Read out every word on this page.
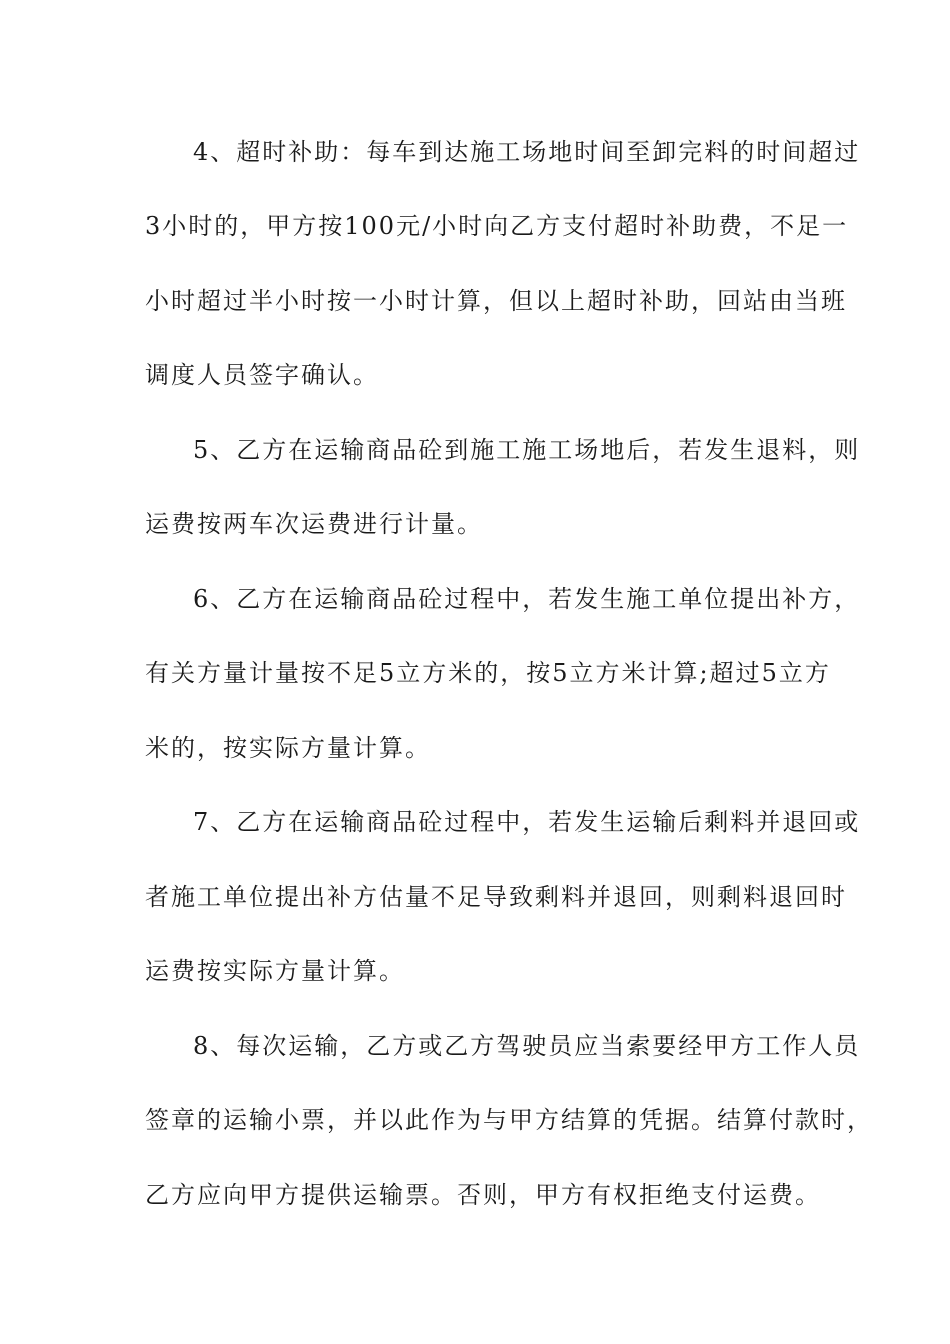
4、超时补助：每车到达施工场地时间至卸完料的时间超过
3小时的，甲方按100元/小时向乙方支付超时补助费，不足一
小时超过半小时按一小时计算，但以上超时补助，回站由当班
调度人员签字确认。
5、乙方在运输商品砼到施工施工场地后，若发生退料，则
运费按两车次运费进行计量。
6、乙方在运输商品砼过程中，若发生施工单位提出补方，
有关方量计量按不足5立方米的，按5立方米计算;超过5立方
米的，按实际方量计算。
7、乙方在运输商品砼过程中，若发生运输后剩料并退回或
者施工单位提出补方估量不足导致剩料并退回，则剩料退回时
运费按实际方量计算。
8、每次运输，乙方或乙方驾驶员应当索要经甲方工作人员
签章的运输小票，并以此作为与甲方结算的凭据。结算付款时，
乙方应向甲方提供运输票。否则，甲方有权拒绝支付运费。
